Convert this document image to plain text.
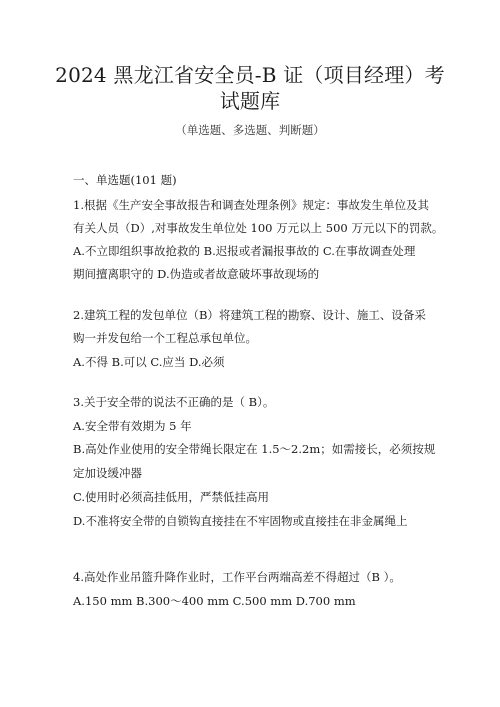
2024 黑龙江省安全员-B 证（项目经理）考
试题库
（单选题、多选题、判断题）
一、单选题(101 题)
1.根据《生产安全事故报告和调查处理条例》规定：事故发生单位及其
有关人员（D）,对事故发生单位处 100 万元以上 500 万元以下的罚款。
A.不立即组织事故抢救的 B.迟报或者漏报事故的 C.在事故调查处理
期间擅离职守的 D.伪造或者故意破坏事故现场的
2.建筑工程的发包单位（B）将建筑工程的勘察、设计、施工、设备采
购一并发包给一个工程总承包单位。
A.不得 B.可以 C.应当 D.必须
3.关于安全带的说法不正确的是（ B）。
A.安全带有效期为 5 年
B.高处作业使用的安全带绳长限定在 1.5～2.2m；如需接长，必须按规
定加设缓冲器
C.使用时必须高挂低用，严禁低挂高用
D.不准将安全带的自锁钩直接挂在不牢固物或直接挂在非金属绳上
4.高处作业吊篮升降作业时，工作平台两端高差不得超过（B ）。
A.150 mm B.300～400 mm C.500 mm D.700 mm
